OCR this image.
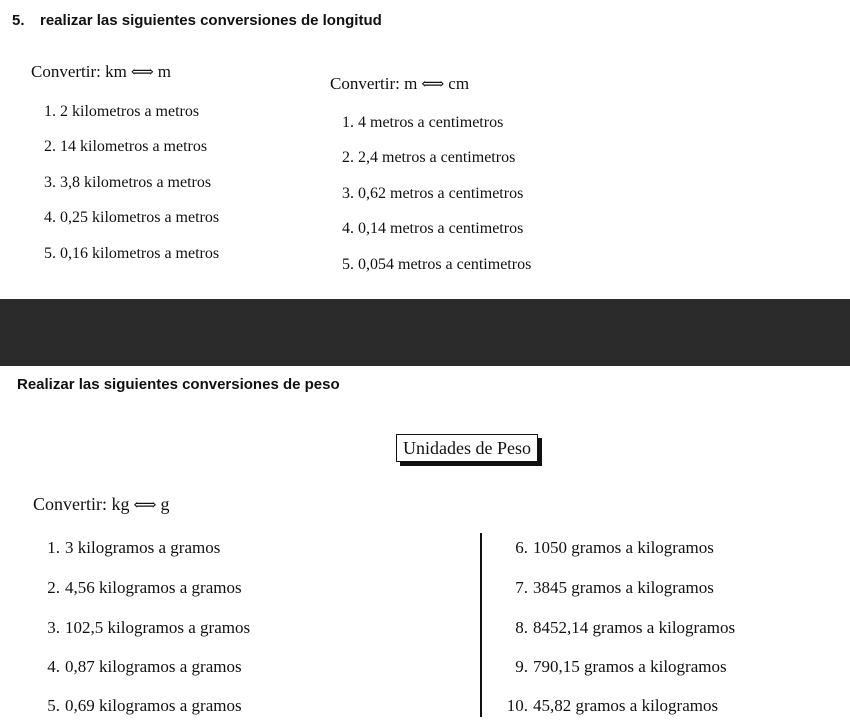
5. realizar las siguientes conversiones de longitud
Convertir: km ⟺ m
1. 2 kilometros a metros
2. 14 kilometros a metros
3. 3,8 kilometros a metros
4. 0,25 kilometros a metros
5. 0,16 kilometros a metros
Convertir: m ⟺ cm
1. 4 metros a centimetros
2. 2,4 metros a centimetros
3. 0,62 metros a centimetros
4. 0,14 metros a centimetros
5. 0,054 metros a centimetros
Realizar las siguientes conversiones de peso
Unidades de Peso
Convertir: kg ⟺ g
1. 3 kilogramos a gramos
2. 4,56 kilogramos a gramos
3. 102,5 kilogramos a gramos
4. 0,87 kilogramos a gramos
5. 0,69 kilogramos a gramos
6. 1050 gramos a kilogramos
7. 3845 gramos a kilogramos
8. 8452,14 gramos a kilogramos
9. 790,15 gramos a kilogramos
10. 45,82 gramos a kilogramos
